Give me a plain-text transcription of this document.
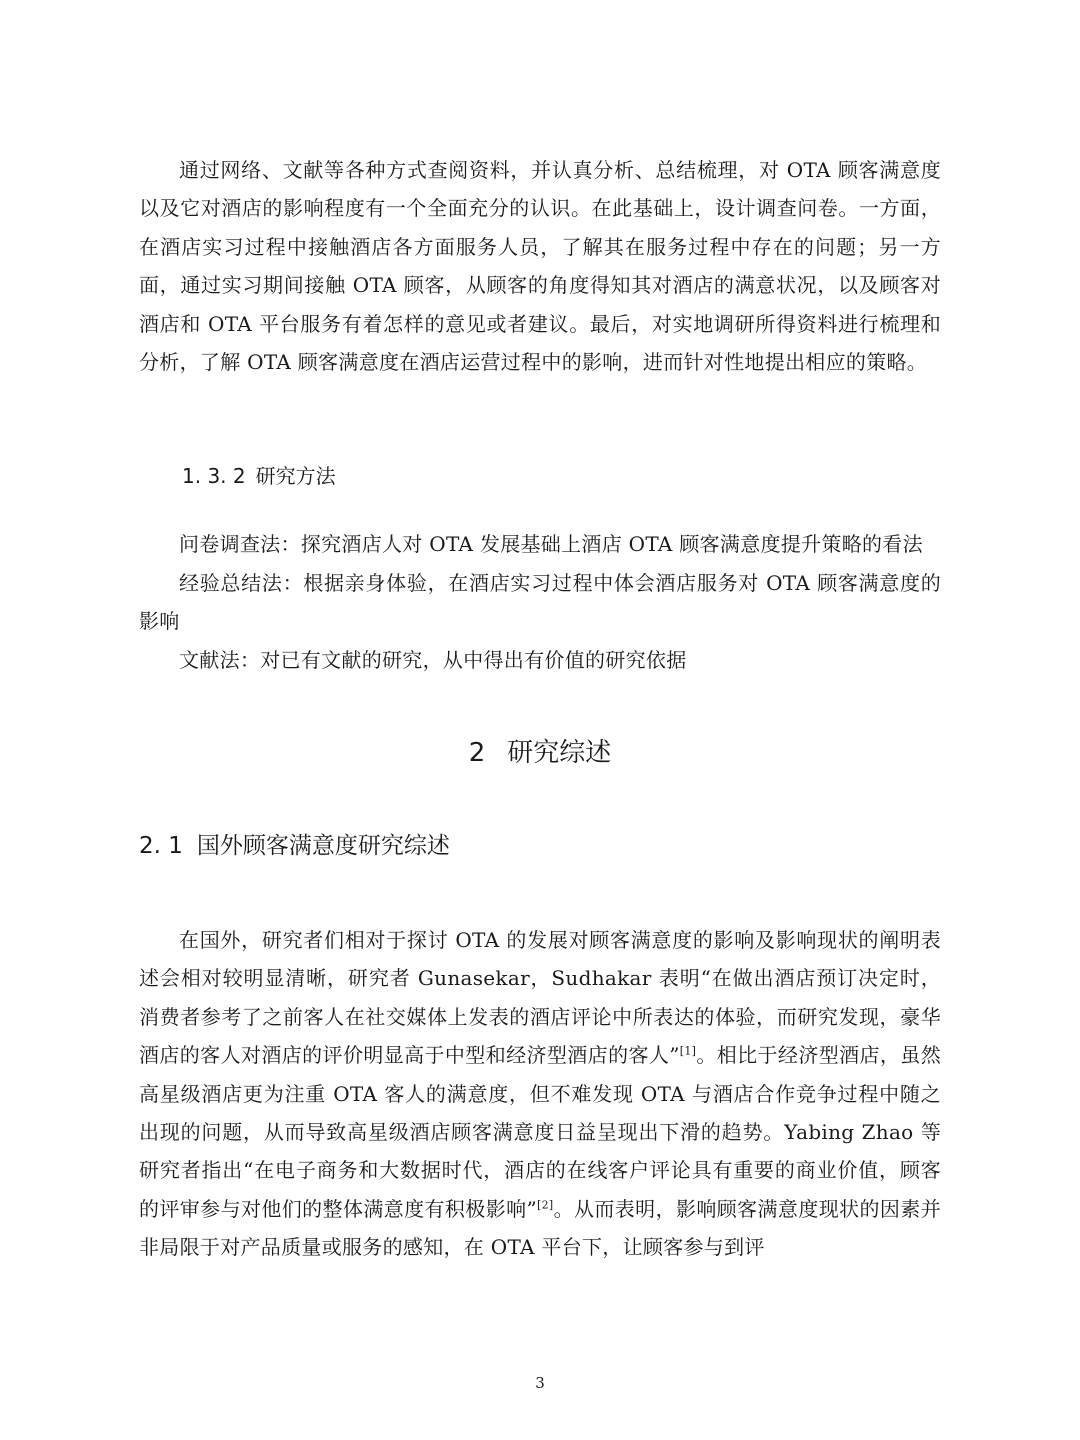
通过网络、文献等各种方式查阅资料，并认真分析、总结梳理，对 OTA 顾客满意度以及它对酒店的影响程度有一个全面充分的认识。在此基础上，设计调查问卷。一方面，在酒店实习过程中接触酒店各方面服务人员，了解其在服务过程中存在的问题；另一方面，通过实习期间接触 OTA 顾客，从顾客的角度得知其对酒店的满意状况，以及顾客对酒店和 OTA 平台服务有着怎样的意见或者建议。最后，对实地调研所得资料进行梳理和分析，了解 OTA 顾客满意度在酒店运营过程中的影响，进而针对性地提出相应的策略。

1. 3. 2 研究方法

问卷调查法：探究酒店人对 OTA 发展基础上酒店 OTA 顾客满意度提升策略的看法

经验总结法：根据亲身体验，在酒店实习过程中体会酒店服务对 OTA 顾客满意度的影响

文献法：对已有文献的研究，从中得出有价值的研究依据

2 研究综述
2. 1 国外顾客满意度研究综述

在国外，研究者们相对于探讨 OTA 的发展对顾客满意度的影响及影响现状的阐明表述会相对较明显清晰，研究者 Gunasekar，Sudhakar 表明“在做出酒店预订决定时，消费者参考了之前客人在社交媒体上发表的酒店评论中所表达的体验，而研究发现，豪华酒店的客人对酒店的评价明显高于中型和经济型酒店的客人”[1]。相比于经济型酒店，虽然高星级酒店更为注重 OTA 客人的满意度，但不难发现 OTA 与酒店合作竞争过程中随之出现的问题，从而导致高星级酒店顾客满意度日益呈现出下滑的趋势。Yabing Zhao 等研究者指出“在电子商务和大数据时代，酒店的在线客户评论具有重要的商业价值，顾客的评审参与对他们的整体满意度有积极影响”[2]。从而表明，影响顾客满意度现状的因素并非局限于对产品质量或服务的感知，在 OTA 平台下，让顾客参与到评

3
